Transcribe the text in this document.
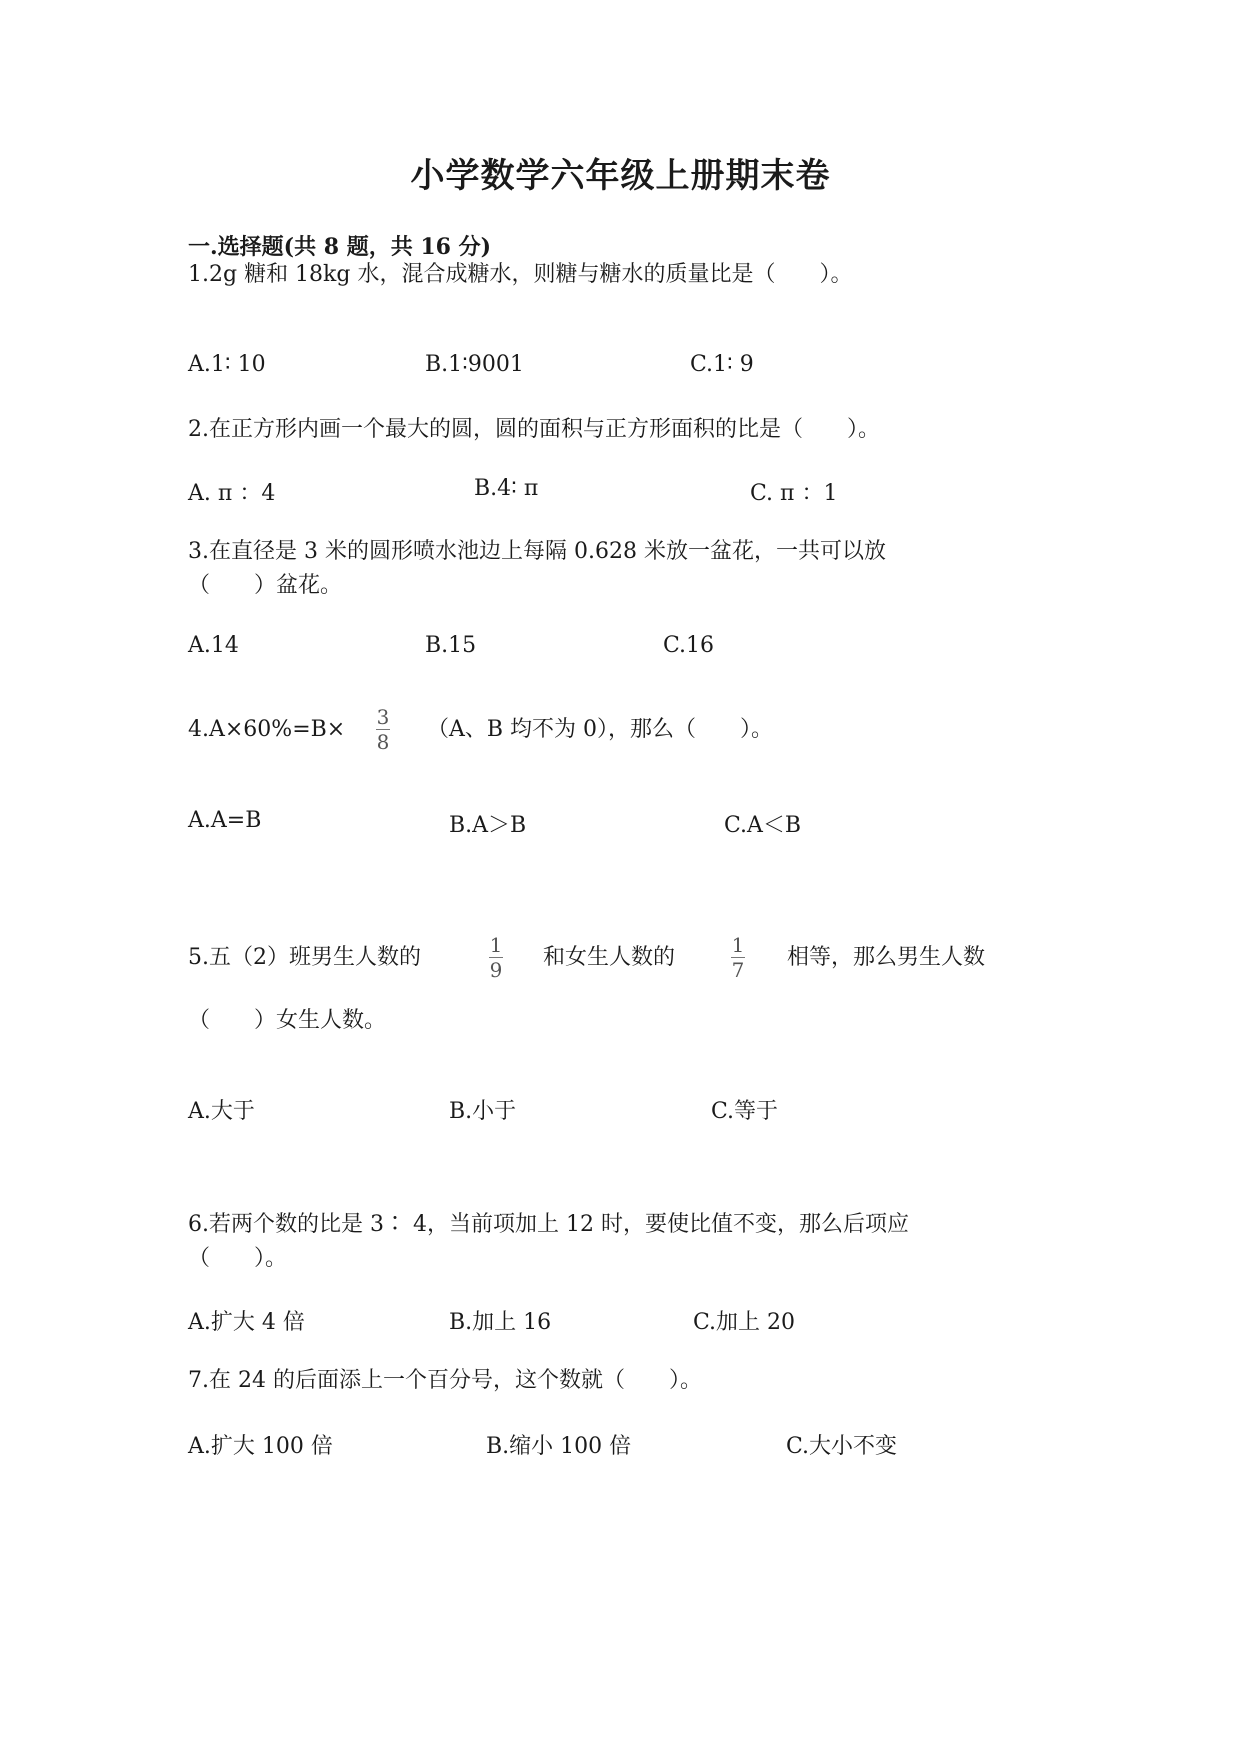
小学数学六年级上册期末卷
一.选择题(共 8 题，共 16 分)
1.2g 糖和 18kg 水，混合成糖水，则糖与糖水的质量比是（　　）。
A.1∶ 10	B.1∶9001	C.1∶ 9
2.在正方形内画一个最大的圆，圆的面积与正方形面积的比是（　　）。
A. π ：4	B.4∶ π	C. π ：1
3.在直径是 3 米的圆形喷水池边上每隔 0.628 米放一盆花，一共可以放
（　　）盆花。
A.14	B.15	C.16
4.A×60%=B× 3
8 （A、B 均不为 0），那么（　　）。
A.A=B	B.A＞B	C.A＜B
5.五（2）班男生人数的	1
9 和女生人数的	1
7 相等，那么男生人数
（　　）女生人数。
A.大于	B.小于	C.等于
6.若两个数的比是 3∶ 4，当前项加上 12 时，要使比值不变，那么后项应
（　　）。
A.扩大 4 倍	B.加上 16	C.加上 20
7.在 24 的后面添上一个百分号，这个数就（　　）。
A.扩大 100 倍	B.缩小 100 倍	C.大小不变
